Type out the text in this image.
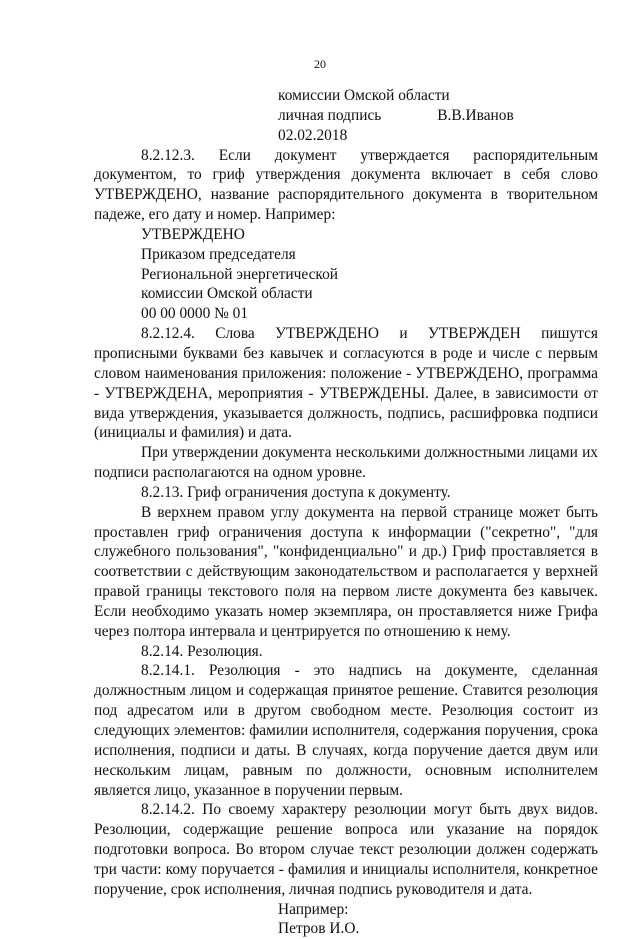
20
комиссии Омской области
личная подпись	В.В.Иванов
02.02.2018

8.2.12.3. Если документ утверждается распорядительным документом, то гриф утверждения документа включает в себя слово УТВЕРЖДЕНО, название распорядительного документа в творительном падеже, его дату и номер. Например:

УТВЕРЖДЕНО
Приказом председателя
Региональной энергетической
комиссии Омской области
00 00 0000 № 01

8.2.12.4. Слова УТВЕРЖДЕНО и УТВЕРЖДЕН пишутся прописными буквами без кавычек и согласуются в роде и числе с первым словом наименования приложения: положение - УТВЕРЖДЕНО, программа - УТВЕРЖДЕНА, мероприятия - УТВЕРЖДЕНЫ. Далее, в зависимости от вида утверждения, указывается должность, подпись, расшифровка подписи (инициалы и фамилия) и дата.

При утверждении документа несколькими должностными лицами их подписи располагаются на одном уровне.

8.2.13. Гриф ограничения доступа к документу.

В верхнем правом углу документа на первой странице может быть проставлен гриф ограничения доступа к информации ("секретно", "для служебного пользования", "конфиденциально" и др.) Гриф проставляется в соответствии с действующим законодательством и располагается у верхней правой границы текстового поля на первом листе документа без кавычек. Если необходимо указать номер экземпляра, он проставляется ниже Грифа через полтора интервала и центрируется по отношению к нему.

8.2.14. Резолюция.

8.2.14.1. Резолюция - это надпись на документе, сделанная должностным лицом и содержащая принятое решение. Ставится резолюция под адресатом или в другом свободном месте. Резолюция состоит из следующих элементов: фамилии исполнителя, содержания поручения, срока исполнения, подписи и даты. В случаях, когда поручение дается двум или нескольким лицам, равным по должности, основным исполнителем является лицо, указанное в поручении первым.

8.2.14.2. По своему характеру резолюции могут быть двух видов. Резолюции, содержащие решение вопроса или указание на порядок подготовки вопроса. Во втором случае текст резолюции должен содержать три части: кому поручается - фамилия и инициалы исполнителя, конкретное поручение, срок исполнения, личная подпись руководителя и дата.

Например:
Петров И.О.
